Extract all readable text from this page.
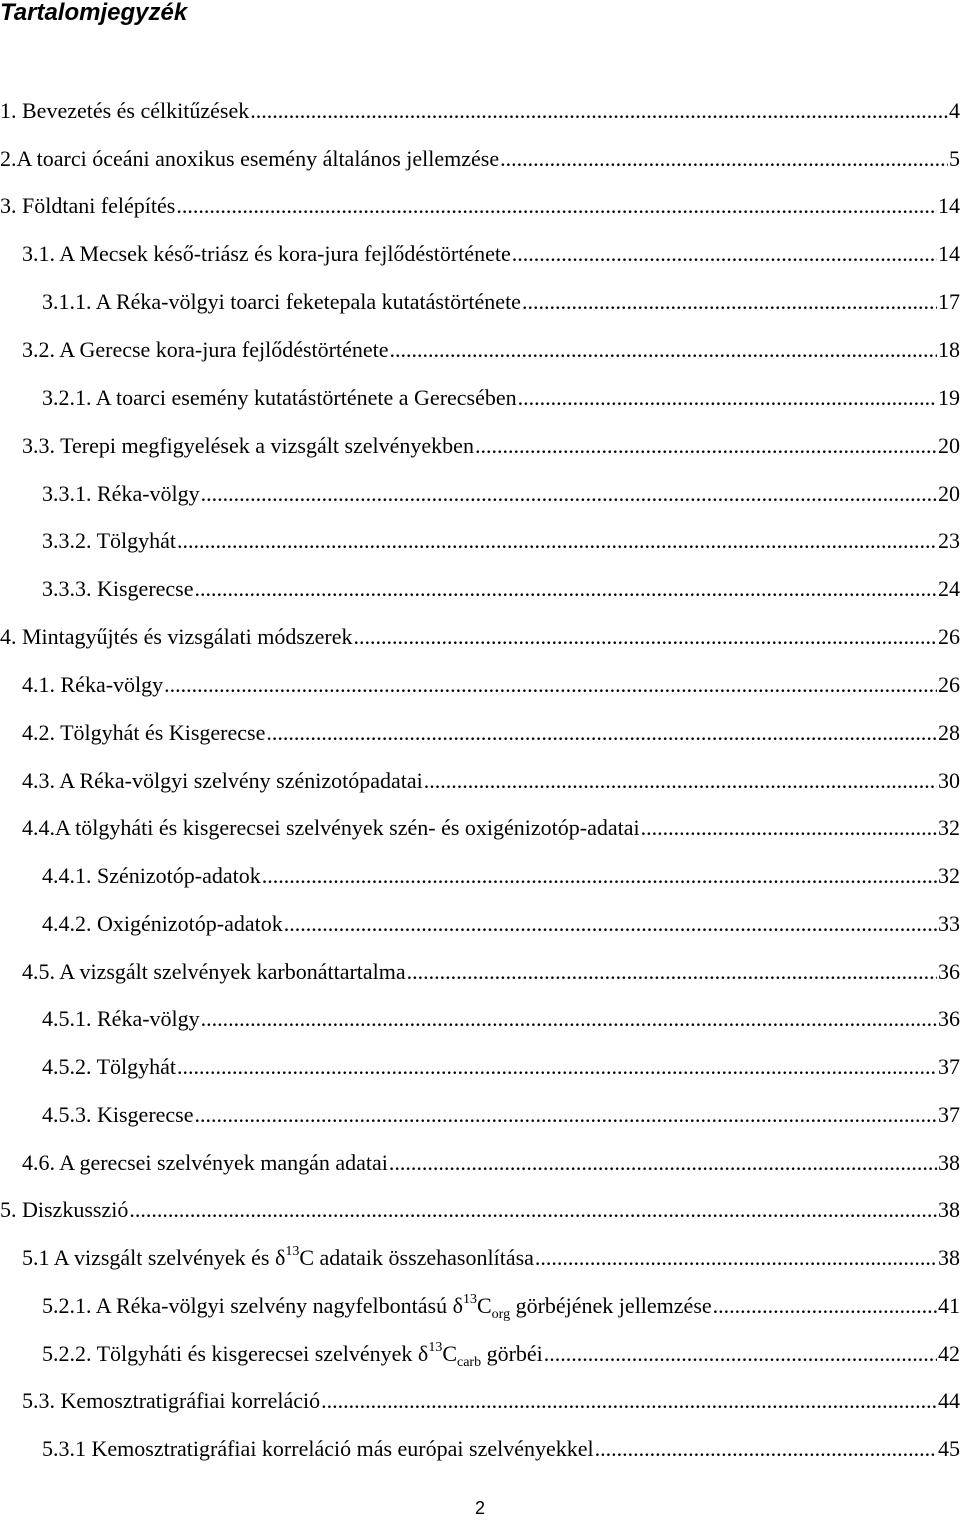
Tartalomjegyzék
1. Bevezetés és célkitűzések .....	4
2.A toarci óceáni anoxikus esemény általános jellemzése .....	5
3. Földtani felépítés .....	14
3.1. A Mecsek késő-triász és kora-jura fejlődéstörténete .....	14
3.1.1. A Réka-völgyi toarci feketepala kutatástörténete .....	17
3.2. A Gerecse kora-jura fejlődéstörténete .....	18
3.2.1. A toarci esemény kutatástörténete a Gerecsében .....	19
3.3. Terepi megfigyelések a vizsgált szelvényekben .....	20
3.3.1. Réka-völgy .....	20
3.3.2. Tölgyhát .....	23
3.3.3. Kisgerecse .....	24
4. Mintagyűjtés és vizsgálati módszerek .....	26
4.1. Réka-völgy .....	26
4.2. Tölgyhát és Kisgerecse .....	28
4.3. A Réka-völgyi szelvény szénizotópadatai .....	30
4.4.A tölgyháti és kisgerecsei szelvények szén- és oxigénizotóp-adatai .....	32
4.4.1. Szénizotóp-adatok .....	32
4.4.2. Oxigénizotóp-adatok .....	33
4.5. A vizsgált szelvények karbonáttartalma .....	36
4.5.1. Réka-völgy .....	36
4.5.2. Tölgyhát .....	37
4.5.3. Kisgerecse .....	37
4.6. A gerecsei szelvények mangán adatai .....	38
5. Diszkusszió .....	38
5.1 A vizsgált szelvények és $\delta^{13}C$ adataik összehasonlítása .....	38
5.2.1. A Réka-völgyi szelvény nagyfelbontású $\delta^{13}C_{org}$ görbéjének jellemzése .....	41
5.2.2. Tölgyháti és kisgerecsei szelvények $\delta^{13}C_{carb}$ görbéi .....	42
5.3. Kemosztratigráfiai korreláció .....	44
5.3.1 Kemosztratigráfiai korreláció más európai szelvényekkel .....	45
2
